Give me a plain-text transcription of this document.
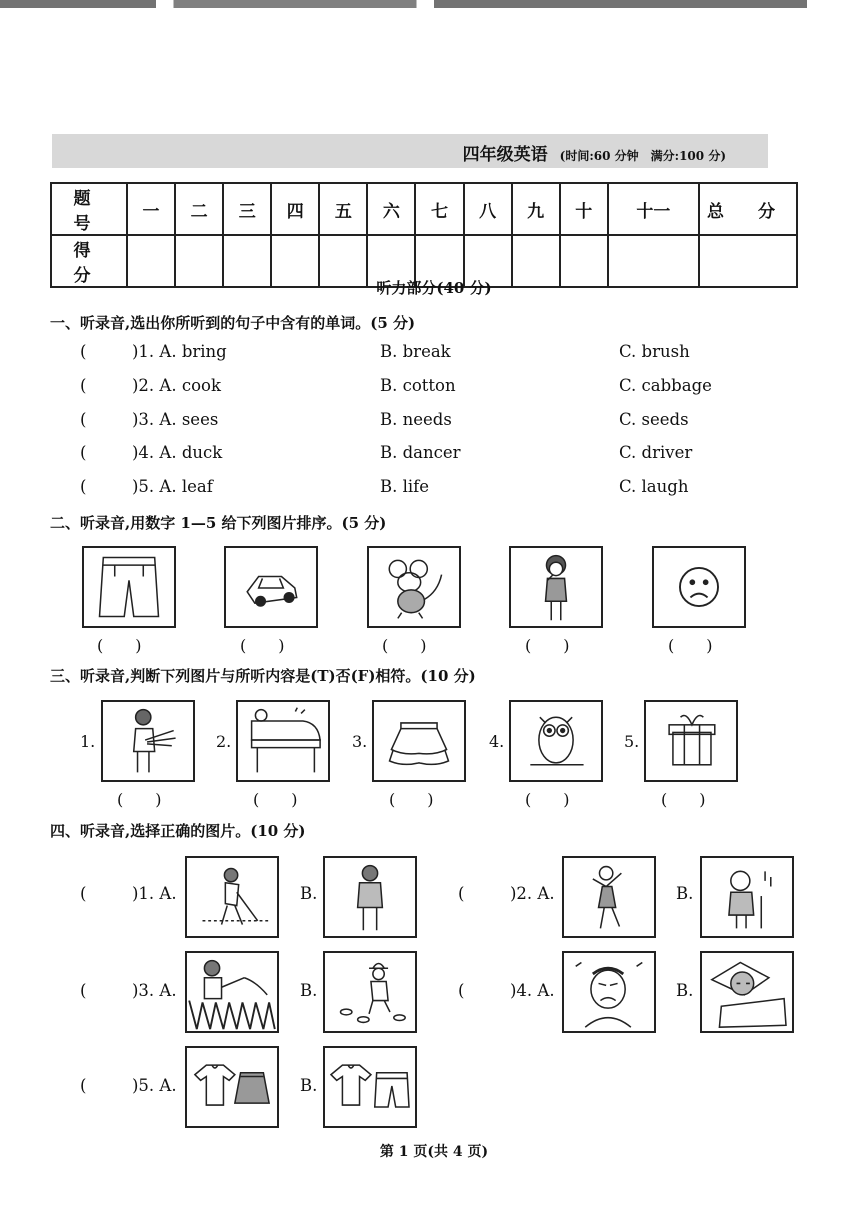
四年级英语 (时间:60 分钟　满分:100 分)
题 号	一	二	三	四	五	六	七	八	九	十	十一	总 分
得 分												
听力部分(40 分)
一、听录音,选出你所听到的句子中含有的单词。(5 分)
(	)1. A. bring	B. break	C. brush
(	)2. A. cook	B. cotton	C. cabbage
(	)3. A. sees	B. needs	C. seeds
(	)4. A. duck	B. dancer	C. driver
(	)5. A. leaf	B. life	C. laugh
二、听录音,用数字 1—5 给下列图片排序。(5 分)
(　　)	(　　)	(　　)	(　　)	(　　)
三、听录音,判断下列图片与所听内容是(T)否(F)相符。(10 分)
1.	2.	3.	4.	5.
(　　)	(　　)	(　　)	(　　)	(　　)
四、听录音,选择正确的图片。(10 分)
(	)1. A.	B.	(	)2. A.	B.
(	)3. A.	B.	(	)4. A.	B.
(	)5. A.	B.
第 1 页(共 4 页)
